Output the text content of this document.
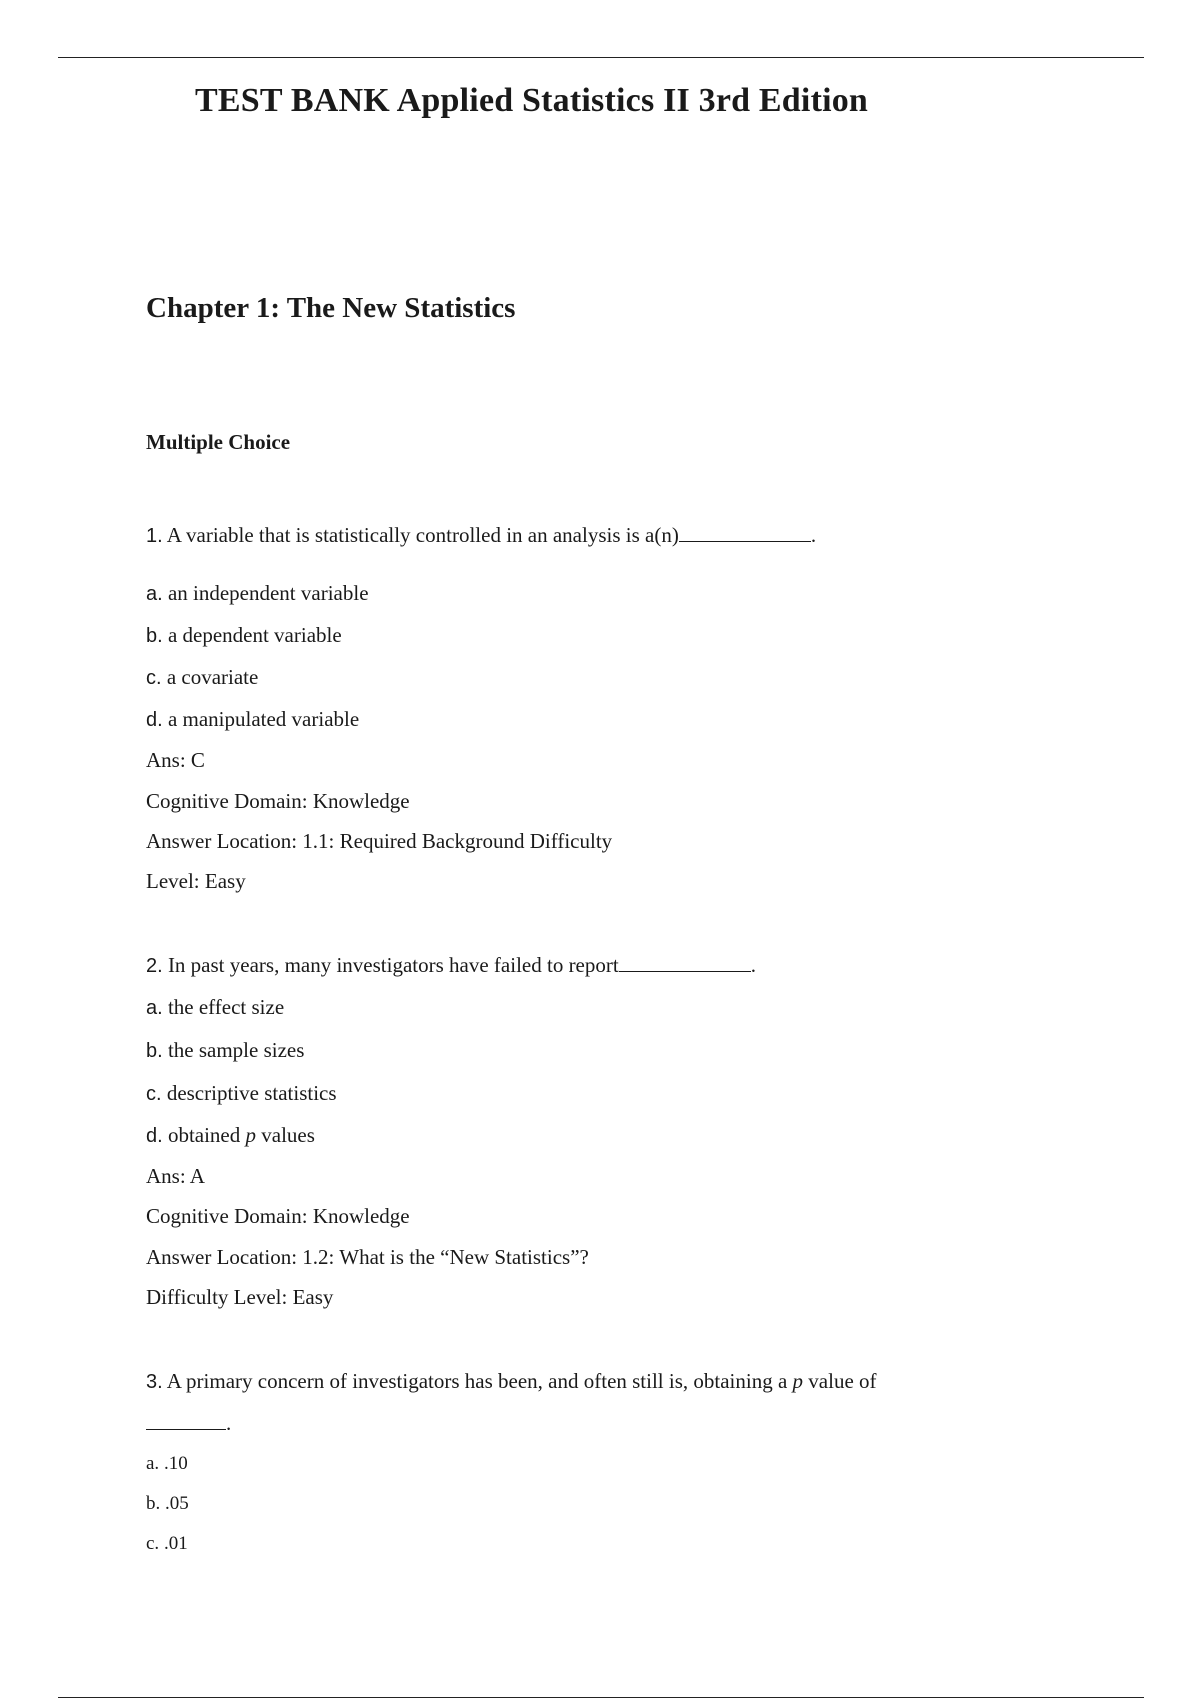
TEST BANK Applied Statistics II 3rd Edition
Chapter 1: The New Statistics
Multiple Choice

1. A variable that is statistically controlled in an analysis is a(n)	.

a. an independent variable

b. a dependent variable

c. a covariate

d. a manipulated variable

Ans: C

Cognitive Domain: Knowledge

Answer Location: 1.1: Required Background Difficulty

Level: Easy

2. In past years, many investigators have failed to report	.

a. the effect size

b. the sample sizes

c. descriptive statistics

d. obtained p values

Ans: A

Cognitive Domain: Knowledge

Answer Location: 1.2: What is the “New Statistics”?

Difficulty Level: Easy

3. A primary concern of investigators has been, and often still is, obtaining a p value of

.

a. .10

b. .05

c. .01
